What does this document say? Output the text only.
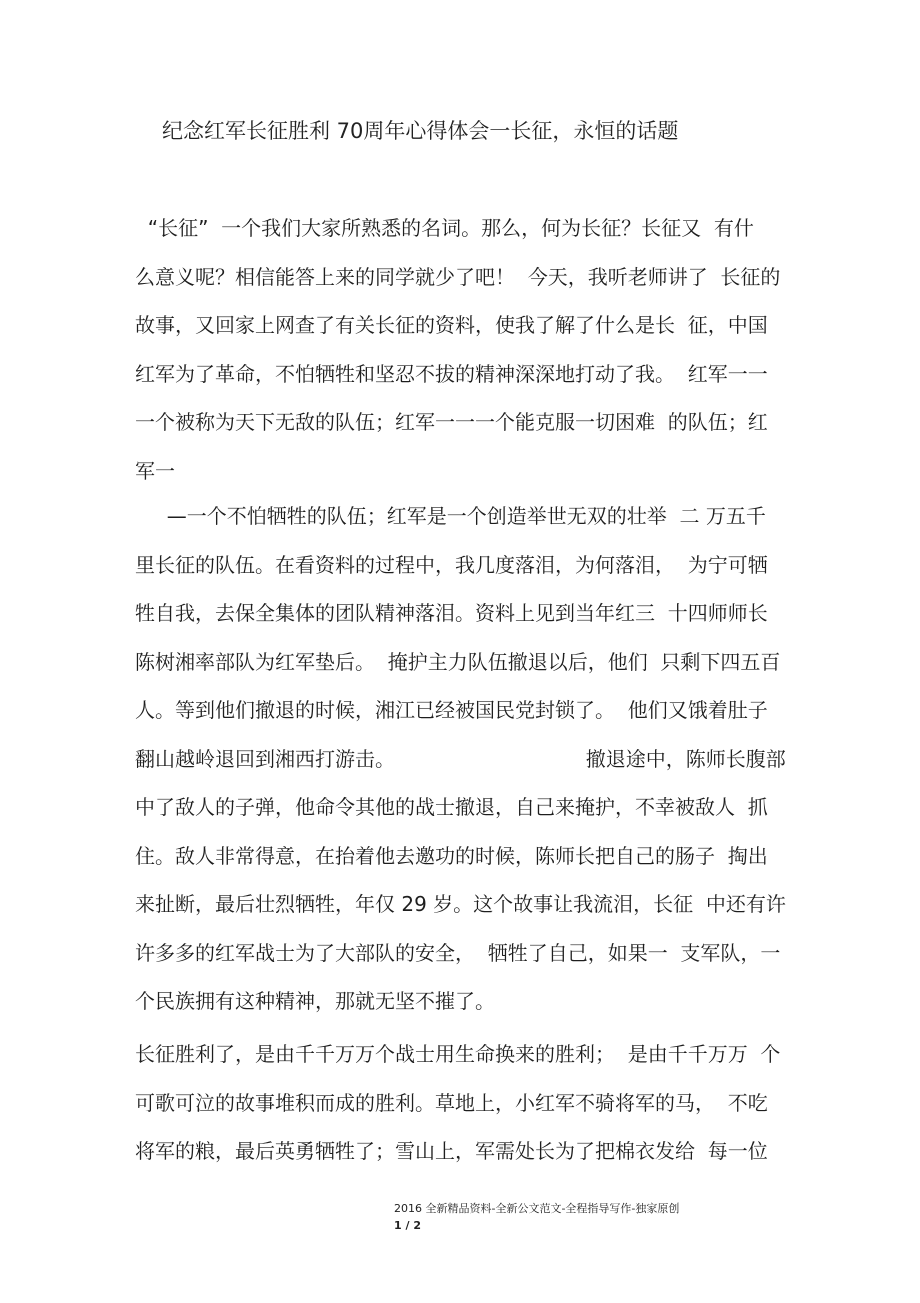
纪念红军长征胜利 70周年心得体会一长征，永恒的话题
“长征”  一个我们大家所熟悉的名词。那么，何为长征？长征又  有什
么意义呢？相信能答上来的同学就少了吧！  今天，我听老师讲了  长征的
故事，又回家上网查了有关长征的资料，使我了解了什么是长  征，中国
红军为了革命，不怕牺牲和坚忍不拔的精神深深地打动了我。  红军一一
一个被称为天下无敌的队伍；红军一一一个能克服一切困难  的队伍；红
军一
—一个不怕牺牲的队伍；红军是一个创造举世无双的壮举  二 万五千
里长征的队伍。在看资料的过程中，我几度落泪，为何落泪，  为宁可牺
牲自我，去保全集体的团队精神落泪。资料上见到当年红三  十四师师长
陈树湘率部队为红军垫后。  掩护主力队伍撤退以后，他们  只剩下四五百
人。等到他们撤退的时候，湘江已经被国民党封锁了。  他们又饿着肚子
翻山越岭退回到湘西打游击。                              撤退途中，陈师长腹部
中了敌人的子弹，他命令其他的战士撤退，自己来掩护，不幸被敌人  抓
住。敌人非常得意，在抬着他去邀功的时候，陈师长把自己的肠子  掏出
来扯断，最后壮烈牺牲，年仅 29 岁。这个故事让我流泪，长征  中还有许
许多多的红军战士为了大部队的安全，  牺牲了自己，如果一  支军队，一
个民族拥有这种精神，那就无坚不摧了。
长征胜利了，是由千千万万个战士用生命换来的胜利；  是由千千万万  个
可歌可泣的故事堆积而成的胜利。草地上，小红军不骑将军的马，  不吃
将军的粮，最后英勇牺牲了；雪山上，军需处长为了把棉衣发给  每一位
2016 全新精品资料-全新公文范文-全程指导写作-独家原创
1 / 2
